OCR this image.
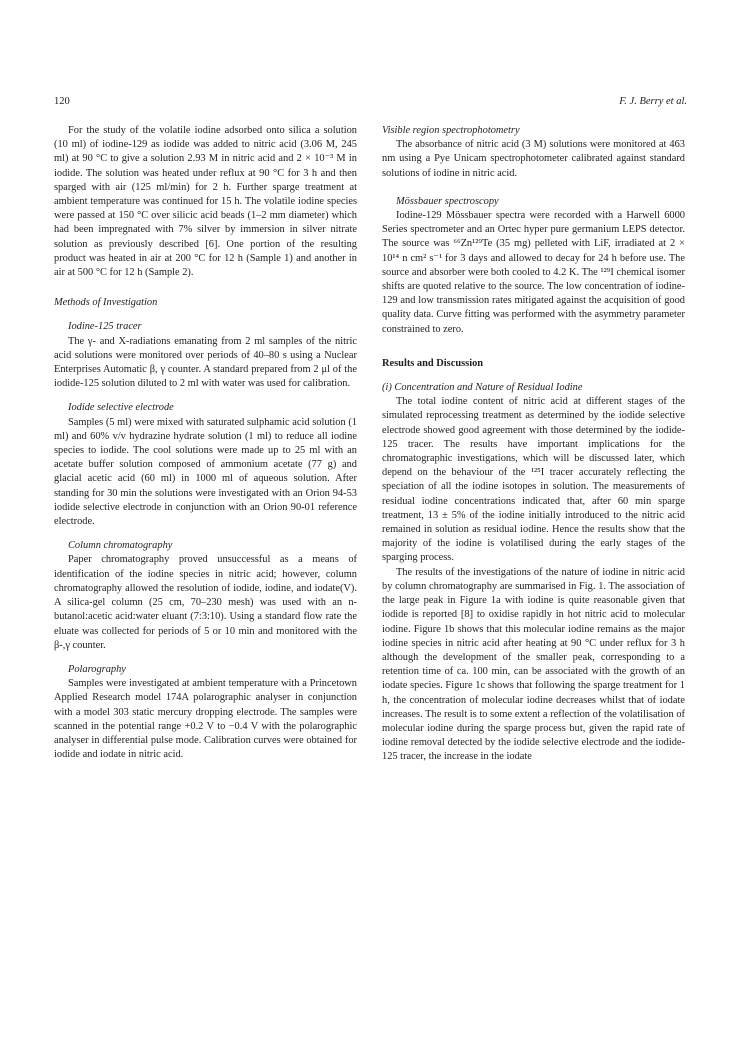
120	F. J. Berry et al.

For the study of the volatile iodine adsorbed onto silica a solution (10 ml) of iodine-129 as iodide was added to nitric acid (3.06 M, 245 ml) at 90 °C to give a solution 2.93 M in nitric acid and 2 × 10⁻³ M in iodide. The solution was heated under reflux at 90 °C for 3 h and then sparged with air (125 ml/min) for 2 h. Further sparge treatment at ambient temperature was continued for 15 h. The volatile iodine species were passed at 150 °C over silicic acid beads (1–2 mm diameter) which had been impregnated with 7% silver by immersion in silver nitrate solution as previously described [6]. One portion of the resulting product was heated in air at 200 °C for 12 h (Sample 1) and another in air at 500 °C for 12 h (Sample 2).

Methods of Investigation
Iodine-125 tracer

The γ- and X-radiations emanating from 2 ml samples of the nitric acid solutions were monitored over periods of 40–80 s using a Nuclear Enterprises Automatic β, γ counter. A standard prepared from 2 μl of the iodide-125 solution diluted to 2 ml with water was used for calibration.

Iodide selective electrode

Samples (5 ml) were mixed with saturated sulphamic acid solution (1 ml) and 60% v/v hydrazine hydrate solution (1 ml) to reduce all iodine species to iodide. The cool solutions were made up to 25 ml with an acetate buffer solution composed of ammonium acetate (77 g) and glacial acetic acid (60 ml) in 1000 ml of aqueous solution. After standing for 30 min the solutions were investigated with an Orion 94-53 iodide selective electrode in conjunction with an Orion 90-01 reference electrode.

Column chromatography

Paper chromatography proved unsuccessful as a means of identification of the iodine species in nitric acid; however, column chromatography allowed the resolution of iodide, iodine, and iodate(V). A silica-gel column (25 cm, 70–230 mesh) was used with an n-butanol:acetic acid:water eluant (7:3:10). Using a standard flow rate the eluate was collected for periods of 5 or 10 min and monitored with the β-,γ counter.

Polarography

Samples were investigated at ambient temperature with a Princetown Applied Research model 174A polarographic analyser in conjunction with a model 303 static mercury dropping electrode. The samples were scanned in the potential range +0.2 V to −0.4 V with the polarographic analyser in differential pulse mode. Calibration curves were obtained for iodide and iodate in nitric acid.

Visible region spectrophotometry

The absorbance of nitric acid (3 M) solutions were monitored at 463 nm using a Pye Unicam spectrophotometer calibrated against standard solutions of iodine in nitric acid.

Mössbauer spectroscopy

Iodine-129 Mössbauer spectra were recorded with a Harwell 6000 Series spectrometer and an Ortec hyper pure germanium LEPS detector. The source was ⁶⁶Zn¹²⁹Te (35 mg) pelleted with LiF, irradiated at 2 × 10¹⁴ n cm² s⁻¹ for 3 days and allowed to decay for 24 h before use. The source and absorber were both cooled to 4.2 K. The ¹²⁹I chemical isomer shifts are quoted relative to the source. The low concentration of iodine-129 and low transmission rates mitigated against the acquisition of good quality data. Curve fitting was performed with the asymmetry parameter constrained to zero.

Results and Discussion
(i) Concentration and Nature of Residual Iodine

The total iodine content of nitric acid at different stages of the simulated reprocessing treatment as determined by the iodide selective electrode showed good agreement with those determined by the iodide-125 tracer. The results have important implications for the chromatographic investigations, which will be discussed later, which depend on the behaviour of the ¹²⁵I tracer accurately reflecting the speciation of all the iodine isotopes in solution. The measurements of residual iodine concentrations indicated that, after 60 min sparge treatment, 13 ± 5% of the iodine initially introduced to the nitric acid remained in solution as residual iodine. Hence the results show that the majority of the iodine is volatilised during the early stages of the sparging process.

The results of the investigations of the nature of iodine in nitric acid by column chromatography are summarised in Fig. 1. The association of the large peak in Figure 1a with iodine is quite reasonable given that iodide is reported [8] to oxidise rapidly in hot nitric acid to molecular iodine. Figure 1b shows that this molecular iodine remains as the major iodine species in nitric acid after heating at 90 °C under reflux for 3 h although the development of the smaller peak, corresponding to a retention time of ca. 100 min, can be associated with the growth of an iodate species. Figure 1c shows that following the sparge treatment for 1 h, the concentration of molecular iodine decreases whilst that of iodate increases. The result is to some extent a reflection of the volatilisation of molecular iodine during the sparge process but, given the rapid rate of iodine removal detected by the iodide selective electrode and the iodide-125 tracer, the increase in the iodate
